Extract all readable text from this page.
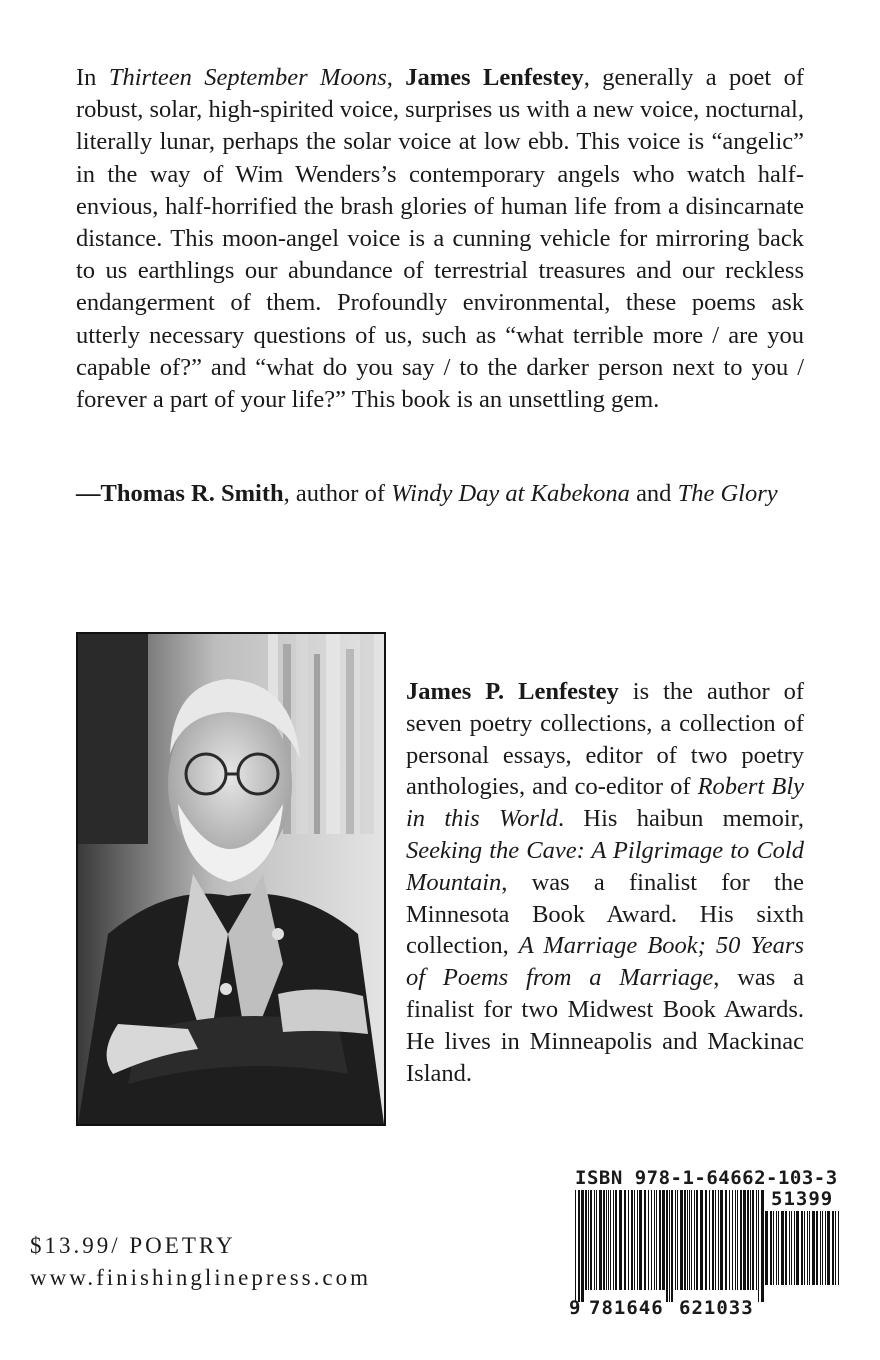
In Thirteen September Moons, James Lenfestey, generally a poet of robust, solar, high-spirited voice, surprises us with a new voice, nocturnal, literally lunar, perhaps the solar voice at low ebb. This voice is “angelic” in the way of Wim Wenders’s contemporary angels who watch half-envious, half-horrified the brash glories of human life from a disincarnate distance. This moon-angel voice is a cunning vehicle for mirroring back to us earthlings our abundance of terrestrial treasures and our reckless endangerment of them. Profoundly environmental, these poems ask utterly necessary questions of us, such as “what terrible more / are you capable of?” and “what do you say / to the darker person next to you / forever a part of your life?” This book is an unsettling gem.

—Thomas R. Smith, author of Windy Day at Kabekona and The Glory

James P. Lenfestey is the author of seven poetry collections, a collection of personal essays, editor of two poetry anthologies, and co-editor of Robert Bly in this World. His haibun memoir, Seeking the Cave: A Pilgrimage to Cold Mountain, was a finalist for the Minnesota Book Award. His sixth collection, A Marriage Book; 50 Years of Poems from a Marriage, was a finalist for two Midwest Book Awards. He lives in Minneapolis and Mackinac Island.

$13.99/ POETRY

www.finishinglinepress.com

ISBN 978-1-64662-103-3
51399
9 781646 621033
